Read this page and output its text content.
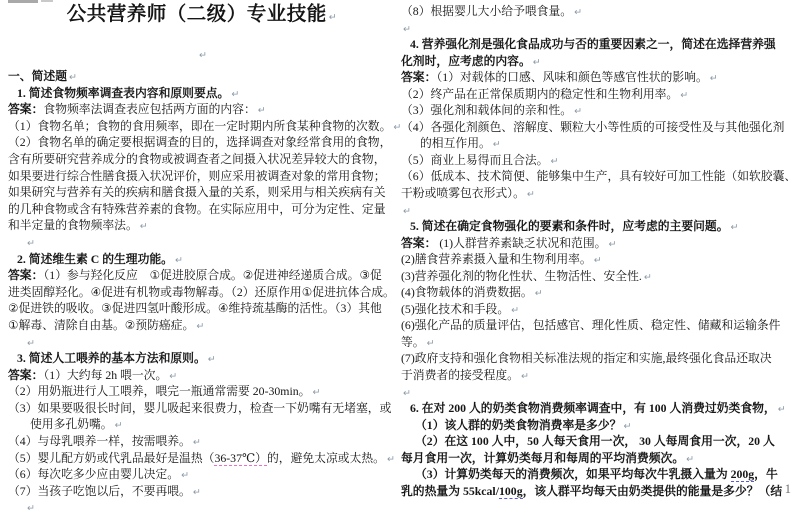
公共营养师（二级）专业技能 ↵
↵
一、简述题 ↵
1. 简述食物频率调查表内容和原则要点。 ↵
答案：食物频率法调查表应包括两方面的内容： ↵
（1）食物名单；食物的食用频率，即在一定时期内所食某种食物的次数。 ↵
（2）食物名单的确定要根据调查的目的，选择调查对象经常食用的食物，
含有所要研究营养成分的食物或被调查者之间摄入状况差异较大的食物，
如果要进行综合性膳食摄入状况评价，则应采用被调查对象的常用食物；
如果研究与营养有关的疾病和膳食摄入量的关系，则采用与相关疾病有关
的几种食物或含有特殊营养素的食物。在实际应用中，可分为定性、定量
和半定量的食物频率法。 ↵
↵
2. 简述维生素 C 的生理功能。 ↵
答案：（1）参与羟化反应　①促进胶原合成。②促进神经递质合成。③促
进类固醇羟化。④促进有机物或毒物解毒。（2）还原作用①促进抗体合成。
②促进铁的吸收。③促进四氢叶酸形成。④维持巯基酶的活性。（3）其他
①解毒、清除自由基。②预防癌症。 ↵
↵
3. 简述人工喂养的基本方法和原则。 ↵
答案：（1）大约每 2h 喂一次。 ↵
（2）用奶瓶进行人工喂养，喂完一瓶通常需要 20-30min。 ↵
（3）如果要吸很长时间，婴儿吸起来很费力，检查一下奶嘴有无堵塞，或
使用多孔奶嘴。 ↵
（4）与母乳喂养一样，按需喂养。 ↵
（5）婴儿配方奶或代乳品最好是温热（36-37℃）的，避免太凉或太热。 ↵
（6）每次吃多少应由婴儿决定。 ↵
（7）当孩子吃饱以后，不要再喂。 ↵
↵
（8）根据婴儿大小给予喂食量。 ↵
↵
4. 营养强化剂是强化食品成功与否的重要因素之一，简述在选择营养强
化剂时，应考虑的内容。 ↵
答案：（1）对载体的口感、风味和颜色等感官性状的影响。 ↵
（2）终产品在正常保质期内的稳定性和生物利用率。 ↵
（3）强化剂和载体间的亲和性。 ↵
（4）各强化剂颜色、溶解度、颗粒大小等性质的可接受性及与其他强化剂
的相互作用。 ↵
（5）商业上易得而且合法。 ↵
（6）低成本、技术简便、能够集中生产，具有较好可加工性能（如软胶囊、
干粉或喷雾包衣形式）。 ↵
↵
5. 简述在确定食物强化的要素和条件时，应考虑的主要问题。 ↵
答案： (1)人群营养素缺乏状况和范围。 ↵
(2)膳食营养素摄入量和生物利用率。 ↵
(3)营养强化剂的物化性状、生物活性、安全性. ↵
(4)食物载体的消费数据。 ↵
(5)强化技术和手段。 ↵
(6)强化产品的质量评估，包括感官、理化性质、稳定性、储藏和运输条件
等。 ↵
(7)政府支持和强化食物相关标准法规的指定和实施,最终强化食品还取决
于消费者的接受程度。 ↵
↵
6. 在对 200 人的奶类食物消费频率调查中，有 100 人消费过奶类食物， ↵
（1）该人群的奶类食物消费率是多少？ ↵
（2）在这 100 人中，50 人每天食用一次， 30 人每周食用一次，20 人
每月食用一次，计算奶类每月和每周的平均消费频次。 ↵
（3）计算奶类每天的消费频次，如果平均每次牛乳摄入量为 200g，牛
乳的热量为 55kcal/100g，该人群平均每天由奶类提供的能量是多少？（结 1
